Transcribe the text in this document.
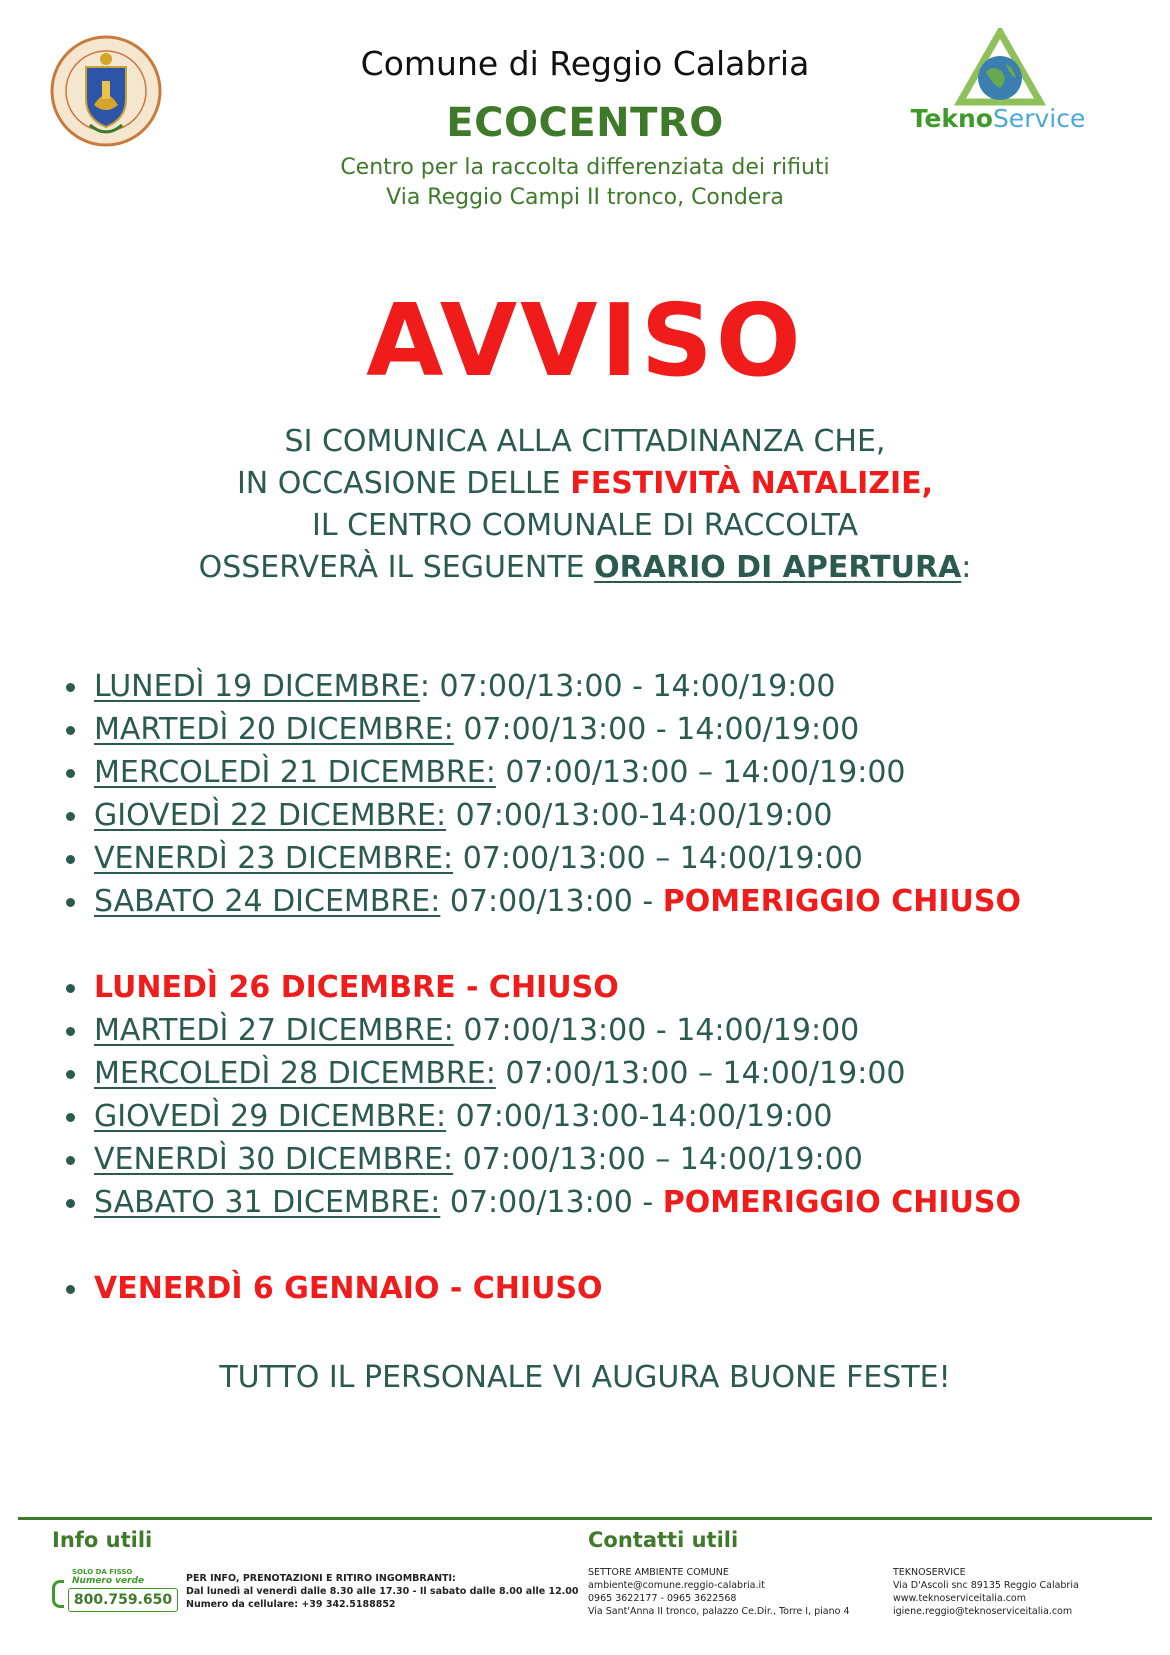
TeknoService
Comune di Reggio Calabria
ECOCENTRO
Centro per la raccolta differenziata dei rifiuti
Via Reggio Campi II tronco, Condera
AVVISO
SI COMUNICA ALLA CITTADINANZA CHE,
IN OCCASIONE DELLE FESTIVITÀ NATALIZIE,
IL CENTRO COMUNALE DI RACCOLTA
OSSERVERÀ IL SEGUENTE ORARIO DI APERTURA:
LUNEDÌ 19 DICEMBRE: 07:00/13:00 - 14:00/19:00
MARTEDÌ 20 DICEMBRE: 07:00/13:00 - 14:00/19:00
MERCOLEDÌ 21 DICEMBRE: 07:00/13:00 – 14:00/19:00
GIOVEDÌ 22 DICEMBRE: 07:00/13:00-14:00/19:00
VENERDÌ 23 DICEMBRE: 07:00/13:00 – 14:00/19:00
SABATO 24 DICEMBRE: 07:00/13:00 - POMERIGGIO CHIUSO
LUNEDÌ 26 DICEMBRE - CHIUSO
MARTEDÌ 27 DICEMBRE: 07:00/13:00 - 14:00/19:00
MERCOLEDÌ 28 DICEMBRE: 07:00/13:00 – 14:00/19:00
GIOVEDÌ 29 DICEMBRE: 07:00/13:00-14:00/19:00
VENERDÌ 30 DICEMBRE: 07:00/13:00 – 14:00/19:00
SABATO 31 DICEMBRE: 07:00/13:00 - POMERIGGIO CHIUSO
VENERDÌ 6 GENNAIO - CHIUSO
TUTTO IL PERSONALE VI AUGURA BUONE FESTE!
Info utili	Contatti utili
SOLO DA FISSO
Numero verde
800.759.650
PER INFO, PRENOTAZIONI E RITIRO INGOMBRANTI:
Dal lunedì al venerdì dalle 8.30 alle 17.30 - Il sabato dalle 8.00 alle 12.00
Numero da cellulare: +39 342.5188852
SETTORE AMBIENTE COMUNE
ambiente@comune.reggio-calabria.it
0965 3622177 - 0965 3622568
Via Sant'Anna II tronco, palazzo Ce.Dir., Torre I, piano 4
TEKNOSERVICE
Via D'Ascoli snc 89135 Reggio Calabria
www.teknoserviceitalia.com
igiene.reggio@teknoserviceitalia.com
